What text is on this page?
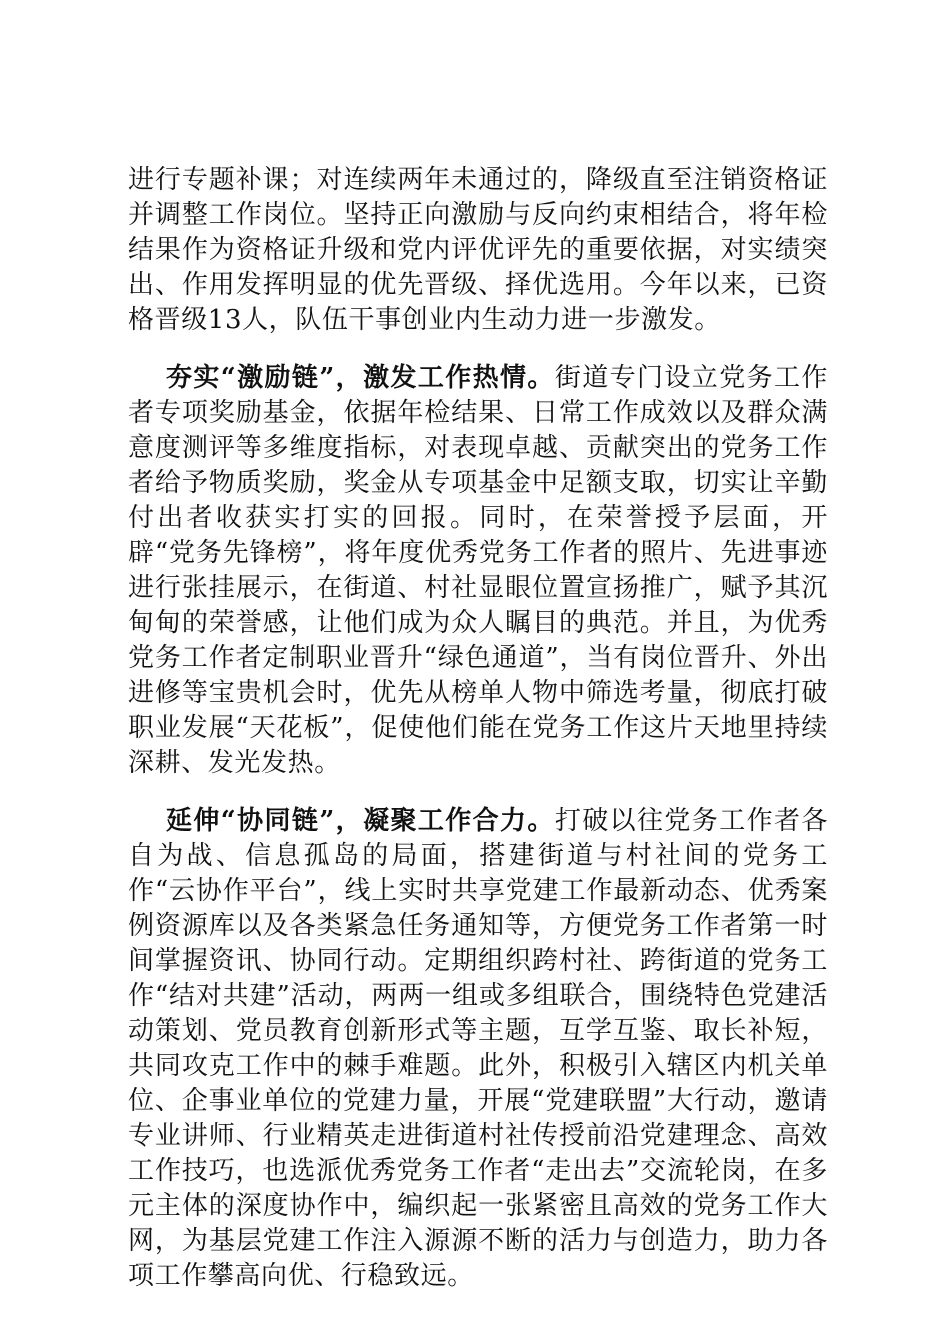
进行专题补课；对连续两年未通过的，降级直至注销资格证并调整工作岗位。坚持正向激励与反向约束相结合，将年检结果作为资格证升级和党内评优评先的重要依据，对实绩突出、作用发挥明显的优先晋级、择优选用。今年以来，已资格晋级13人，队伍干事创业内生动力进一步激发。

夯实“激励链”，激发工作热情。街道专门设立党务工作者专项奖励基金，依据年检结果、日常工作成效以及群众满意度测评等多维度指标，对表现卓越、贡献突出的党务工作者给予物质奖励，奖金从专项基金中足额支取，切实让辛勤付出者收获实打实的回报。同时，在荣誉授予层面，开辟“党务先锋榜”，将年度优秀党务工作者的照片、先进事迹进行张挂展示，在街道、村社显眼位置宣扬推广，赋予其沉甸甸的荣誉感，让他们成为众人瞩目的典范。并且，为优秀党务工作者定制职业晋升“绿色通道”，当有岗位晋升、外出进修等宝贵机会时，优先从榜单人物中筛选考量，彻底打破职业发展“天花板”，促使他们能在党务工作这片天地里持续深耕、发光发热。

延伸“协同链”，凝聚工作合力。打破以往党务工作者各自为战、信息孤岛的局面，搭建街道与村社间的党务工作“云协作平台”，线上实时共享党建工作最新动态、优秀案例资源库以及各类紧急任务通知等，方便党务工作者第一时间掌握资讯、协同行动。定期组织跨村社、跨街道的党务工作“结对共建”活动，两两一组或多组联合，围绕特色党建活动策划、党员教育创新形式等主题，互学互鉴、取长补短，共同攻克工作中的棘手难题。此外，积极引入辖区内机关单位、企事业单位的党建力量，开展“党建联盟”大行动，邀请专业讲师、行业精英走进街道村社传授前沿党建理念、高效工作技巧，也选派优秀党务工作者“走出去”交流轮岗，在多元主体的深度协作中，编织起一张紧密且高效的党务工作大网，为基层党建工作注入源源不断的活力与创造力，助力各项工作攀高向优、行稳致远。
